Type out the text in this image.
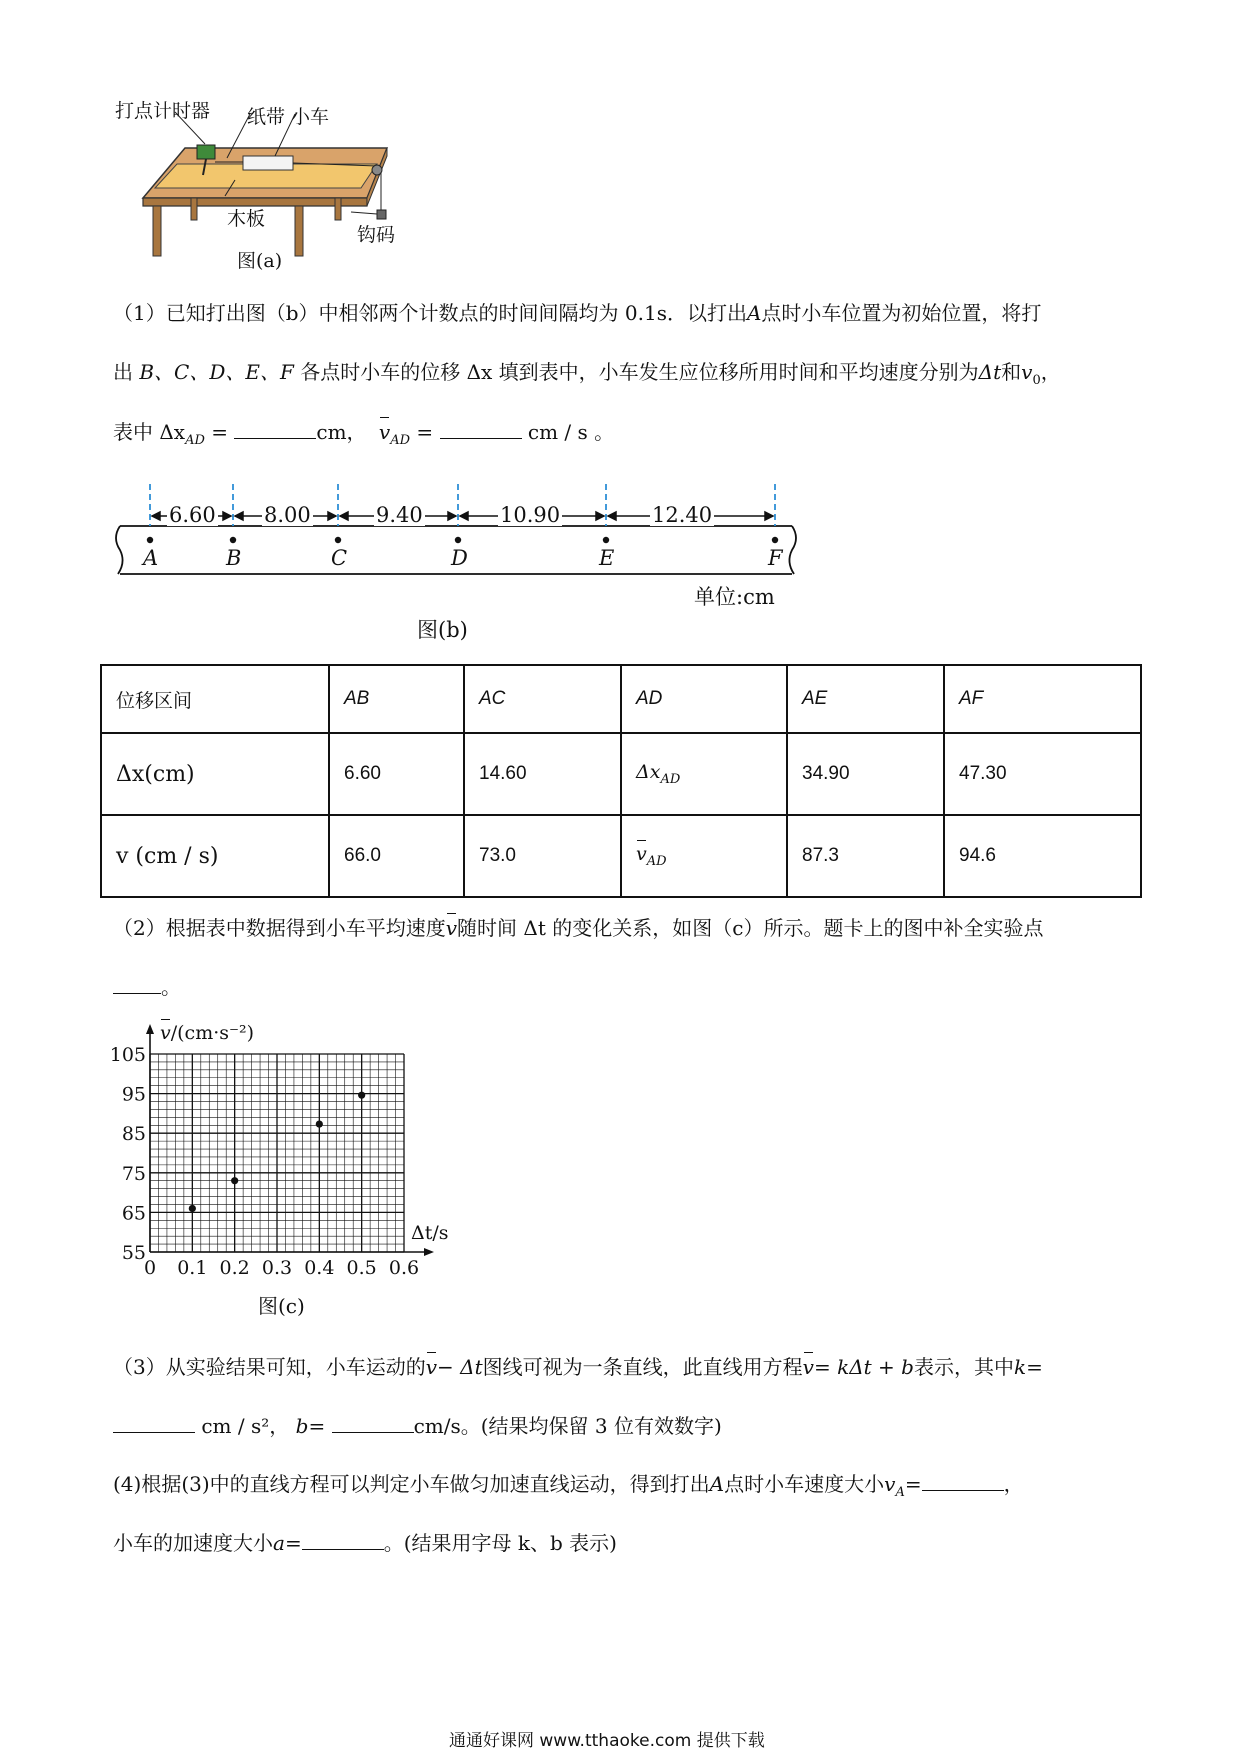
打点计时器 纸带 小车
木板
钩码
图(a)
（1）已知打出图（b）中相邻两个计数点的时间间隔均为 0.1s．以打出A点时小车位置为初始位置，将打
出 B、C、D、E、F 各点时小车的位移 Δx 填到表中，小车发生应位移所用时间和平均速度分别为Δt和$v_0$，
表中 $\Delta x_{AD}$ =	cm， $v_{AD}$ =	cm / s 。
6.60 8.00	9.40	10.90	12.40
A	B	C	D	E	F
单位:cm
图(b)
位移区间	AB	AC	AD	AE	AF
Δx(cm)	6.60	14.60	$\Delta x_{AD}$	34.90	47.30
v (cm / s)	66.0	73.0	$v_{AD}$	87.3	94.6
（2）根据表中数据得到小车平均速度v随时间 Δt 的变化关系，如图（c）所示。题卡上的图中补全实验点
。
0 0.1 0.2 0.3 0.4 0.5 0.6
55
65
75
85
95
105
v/(cm·s⁻²)
Δt/s
图(c)
（3）从实验结果可知，小车运动的v− Δt图线可视为一条直线，此直线用方程v= kΔt + b表示，其中k=
cm / s²， b=	cm/s。(结果均保留 3 位有效数字)
(4)根据(3)中的直线方程可以判定小车做匀加速直线运动，得到打出A点时小车速度大小$v_A=$	，
小车的加速度大小a=	。(结果用字母 k、b 表示)
通通好课网 www.tthaoke.com 提供下载
